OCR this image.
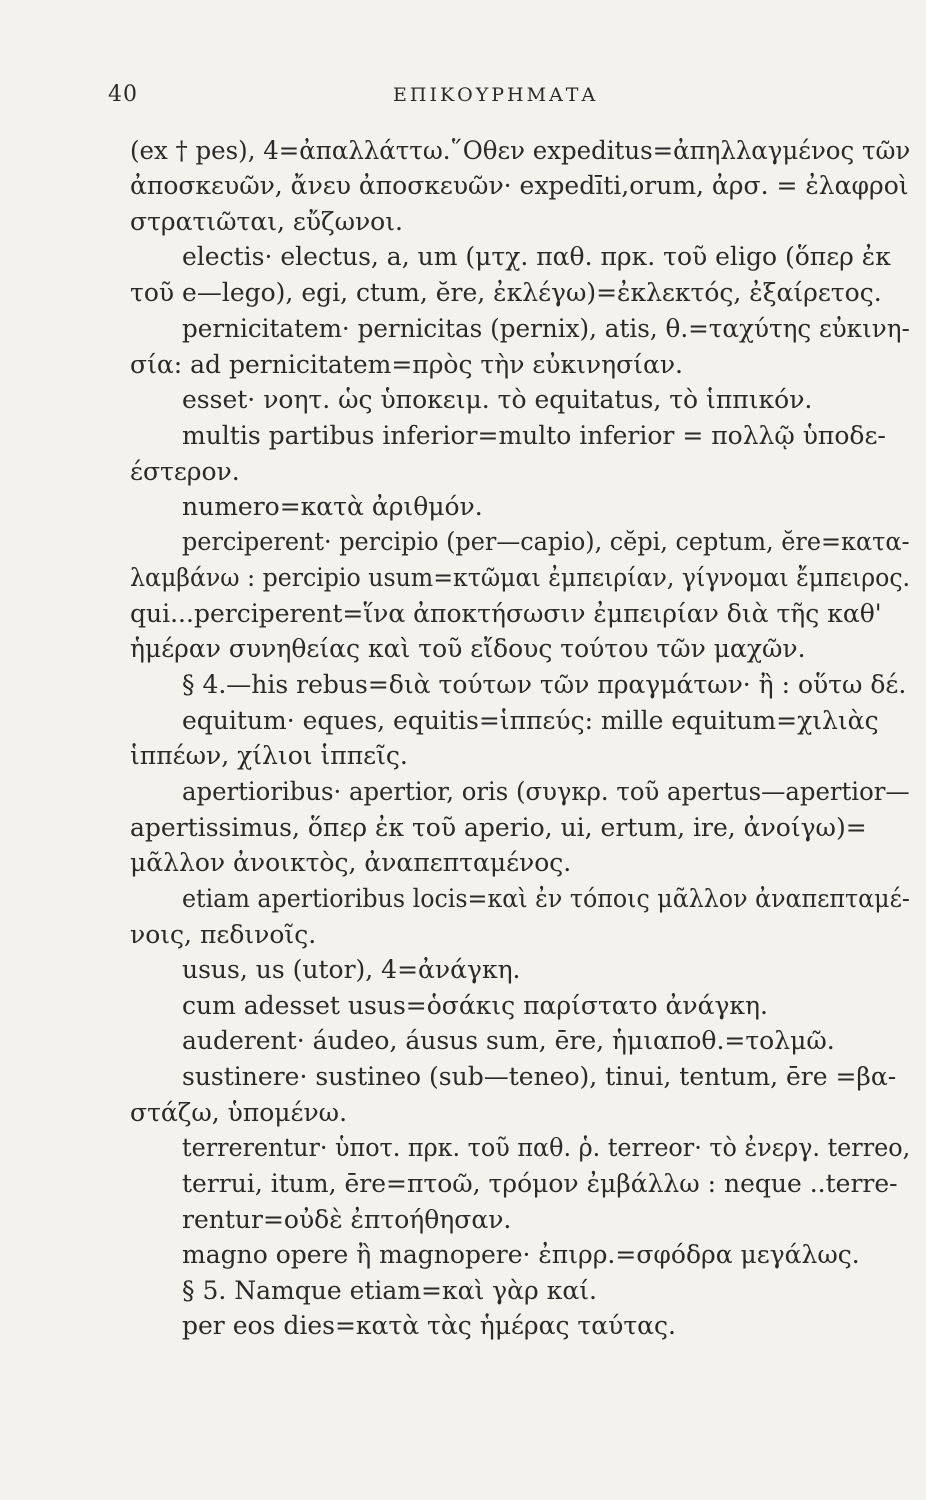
40	ΕΠΙΚΟΥΡΗΜΑΤΑ
(ex † pes), 4=ἀπαλλάττω.῞Οθεν expeditus=ἀπηλλαγμένος τῶν
ἀποσκευῶν, ἄνευ ἀποσκευῶν· expedīti,orum, ἀρσ. = ἐλαφροὶ
στρατιῶται, εὔζωνοι.
electis· electus, a, um (μτχ. παθ. πρκ. τοῦ eligo (ὅπερ ἐκ
τοῦ e—lego), egi, ctum, ĕre, ἐκλέγω)=ἐκλεκτός, ἐξαίρετος.
pernicitatem· pernicitas (pernix), atis, θ.=ταχύτης εὐκινη-
σία: ad pernicitatem=πρὸς τὴν εὐκινησίαν.
esset· νοητ. ὡς ὑποκειμ. τὸ equitatus, τὸ ἱππικόν.
multis partibus inferior=multo inferior = πολλῷ ὑποδε-
έστερον.
numero=κατὰ ἀριθμόν.
perciperent· percipio (per—capio), cĕpi, ceptum, ĕre=κατα-
λαμβάνω : percipio usum=κτῶμαι ἐμπειρίαν, γίγνομαι ἔμπειρος.
qui...perciperent=ἵνα ἀποκτήσωσιν ἐμπειρίαν διὰ τῆς καθ'
ἡμέραν συνηθείας καὶ τοῦ εἴδους τούτου τῶν μαχῶν.
§ 4.—his rebus=διὰ τούτων τῶν πραγμάτων· ἢ : οὕτω δέ.
equitum· eques, equitis=ἱππεύς: mille equitum=χιλιὰς
ἱππέων, χίλιοι ἱππεῖς.
apertioribus· apertior, oris (συγκρ. τοῦ apertus—apertior—
apertissimus, ὅπερ ἐκ τοῦ aperio, ui, ertum, ire, ἀνοίγω)=
μᾶλλον ἀνοικτὸς, ἀναπεπταμένος.
etiam apertioribus locis=καὶ ἐν τόποις μᾶλλον ἀναπεπταμέ-
νοις, πεδινοῖς.
usus, us (utor), 4=ἀνάγκη.
cum adesset usus=ὁσάκις παρίστατο ἀνάγκη.
auderent· áudeo, áusus sum, ēre, ἡμιαποθ.=τολμῶ.
sustinere· sustineo (sub—teneo), tinui, tentum, ēre =βα-
στάζω, ὑπομένω.
terrerentur· ὑποτ. πρκ. τοῦ παθ. ῥ. terreor· τὸ ἐνεργ. terreo,
terrui, itum, ēre=πτοῶ, τρόμον ἐμβάλλω : neque ..terre-
rentur=οὐδὲ ἐπτοήθησαν.
magno opere ἢ magnopere· ἐπιρρ.=σφόδρα μεγάλως.
§ 5. Namque etiam=καὶ γὰρ καί.
per eos dies=κατὰ τὰς ἡμέρας ταύτας.
